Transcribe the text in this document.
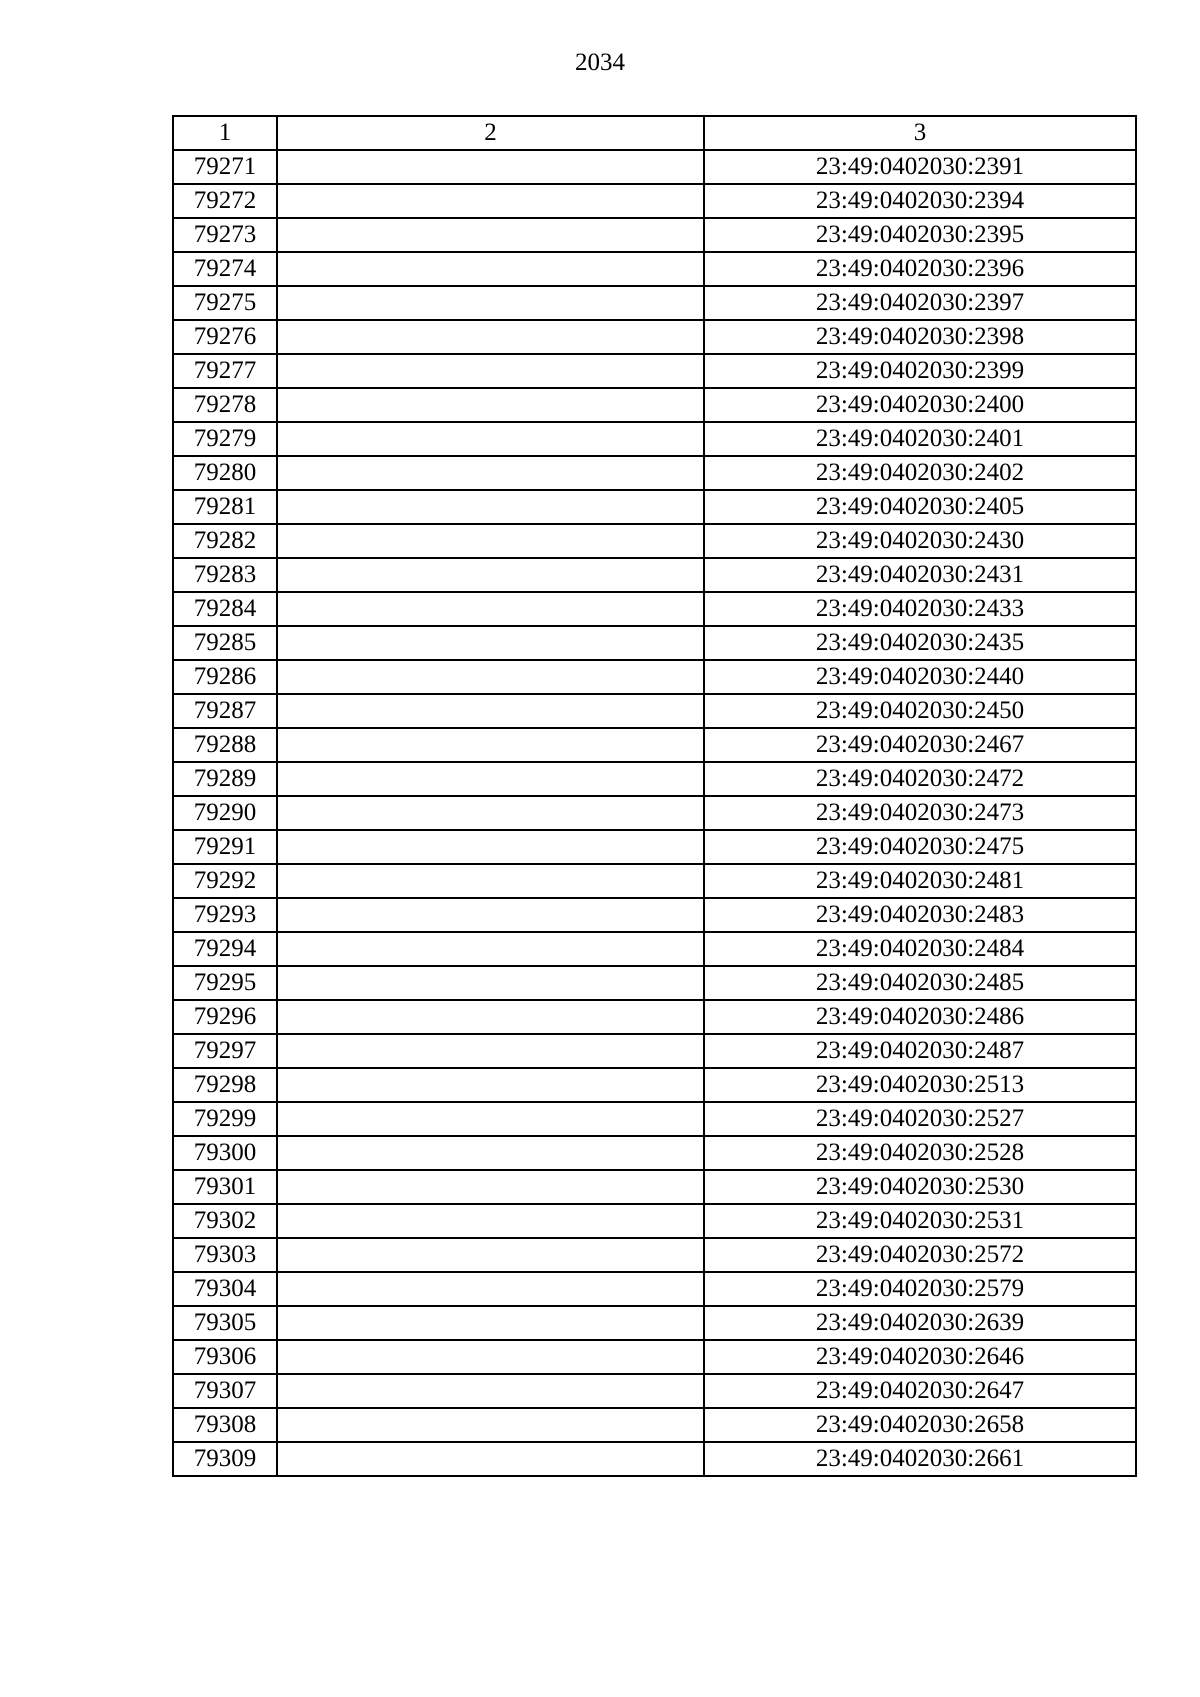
2034
1	2	3
79271		23:49:0402030:2391
79272		23:49:0402030:2394
79273		23:49:0402030:2395
79274		23:49:0402030:2396
79275		23:49:0402030:2397
79276		23:49:0402030:2398
79277		23:49:0402030:2399
79278		23:49:0402030:2400
79279		23:49:0402030:2401
79280		23:49:0402030:2402
79281		23:49:0402030:2405
79282		23:49:0402030:2430
79283		23:49:0402030:2431
79284		23:49:0402030:2433
79285		23:49:0402030:2435
79286		23:49:0402030:2440
79287		23:49:0402030:2450
79288		23:49:0402030:2467
79289		23:49:0402030:2472
79290		23:49:0402030:2473
79291		23:49:0402030:2475
79292		23:49:0402030:2481
79293		23:49:0402030:2483
79294		23:49:0402030:2484
79295		23:49:0402030:2485
79296		23:49:0402030:2486
79297		23:49:0402030:2487
79298		23:49:0402030:2513
79299		23:49:0402030:2527
79300		23:49:0402030:2528
79301		23:49:0402030:2530
79302		23:49:0402030:2531
79303		23:49:0402030:2572
79304		23:49:0402030:2579
79305		23:49:0402030:2639
79306		23:49:0402030:2646
79307		23:49:0402030:2647
79308		23:49:0402030:2658
79309		23:49:0402030:2661
